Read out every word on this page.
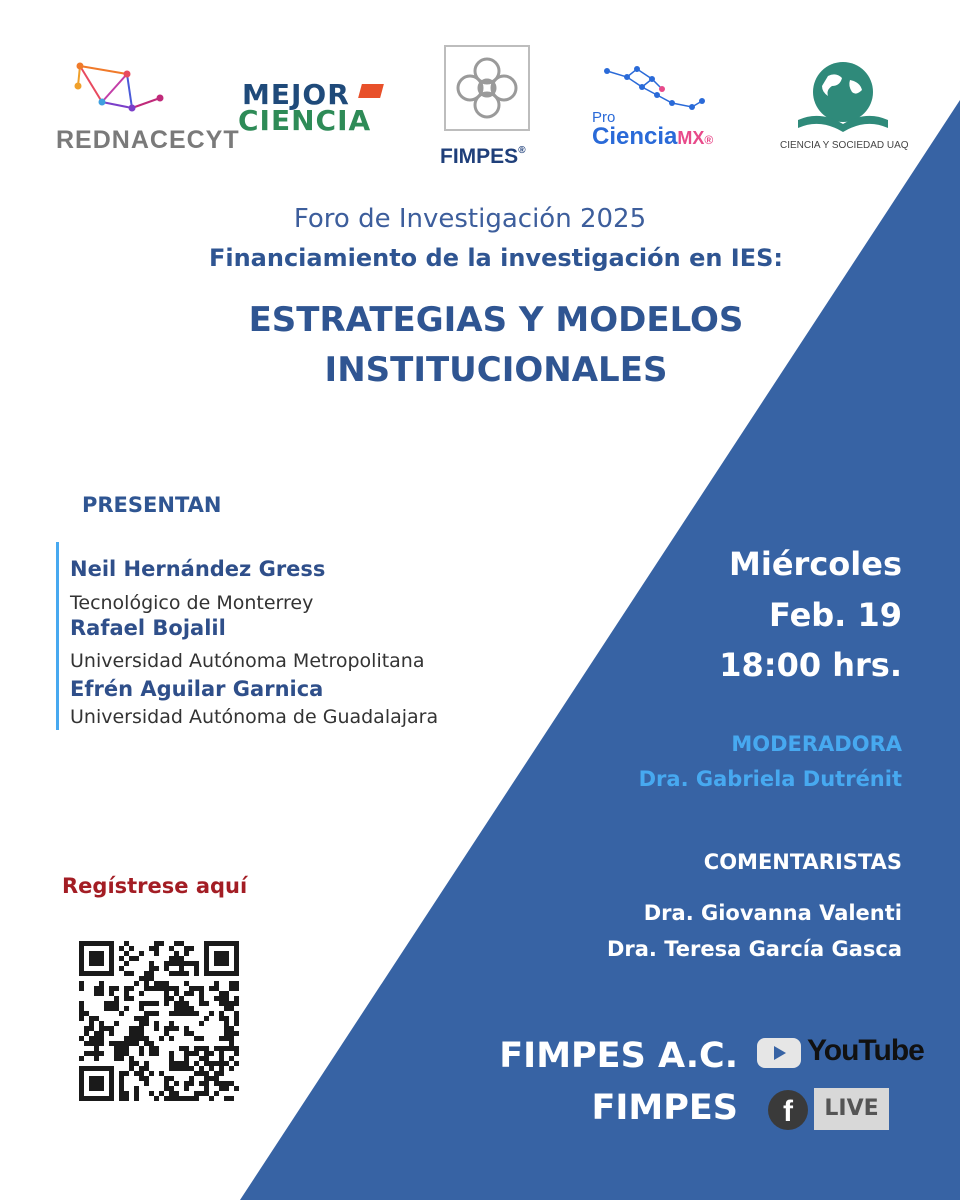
REDNACECYT
MEJOR
CIENCIA
FIMPES®
Pro
CienciaMX®	CIENCIA Y SOCIEDAD UAQ
Foro de Investigación 2025
Financiamiento de la investigación en IES:
ESTRATEGIAS Y MODELOS
INSTITUCIONALES
PRESENTAN
Neil Hernández Gress
Tecnológico de Monterrey
Rafael Bojalil
Universidad Autónoma Metropolitana
Efrén Aguilar Garnica
Universidad Autónoma de Guadalajara
Miércoles
Feb. 19
18:00 hrs.
MODERADORA
Dra. Gabriela Dutrénit
COMENTARISTAS
Dra. Giovanna Valenti
Dra. Teresa García Gasca
Regístrese aquí
FIMPES A.C. YouTube
FIMPES	f	LIVE
